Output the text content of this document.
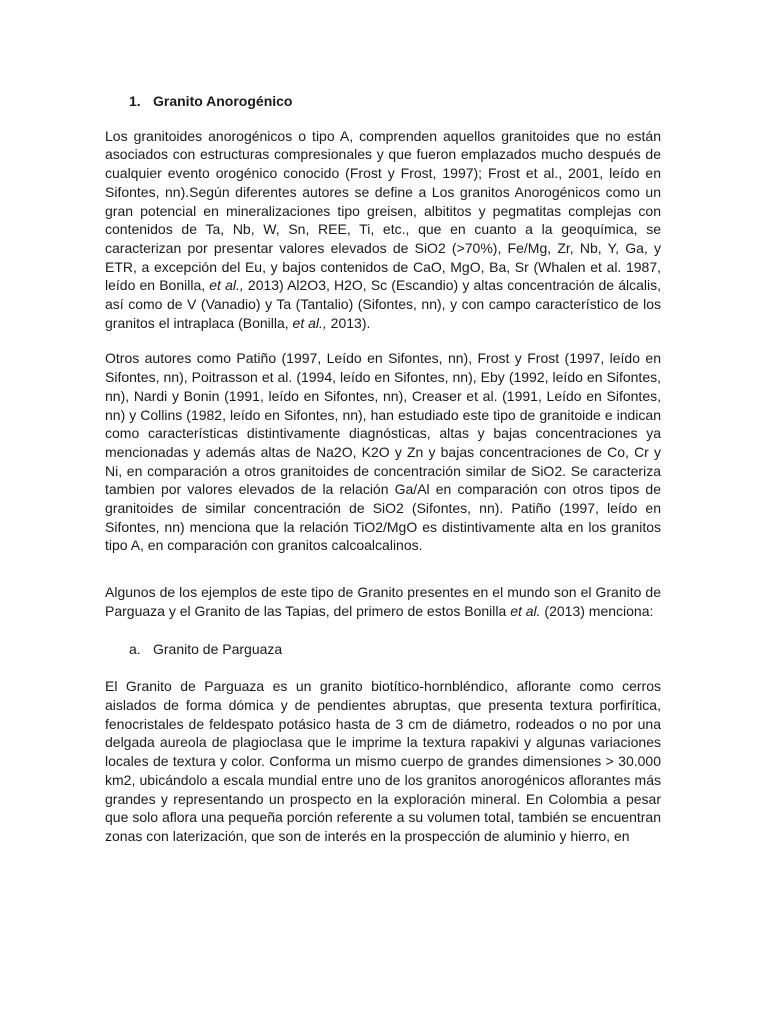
1. Granito Anorogénico

Los granitoides anorogénicos o tipo A, comprenden aquellos granitoides que no están asociados con estructuras compresionales y que fueron emplazados mucho después de cualquier evento orogénico conocido (Frost y Frost, 1997); Frost et al., 2001, leído en Sifontes, nn).Según diferentes autores se define a Los granitos Anorogénicos como un gran potencial en mineralizaciones tipo greisen, albititos y pegmatitas complejas con contenidos de Ta, Nb, W, Sn, REE, Ti, etc., que en cuanto a la geoquímica, se caracterizan por presentar valores elevados de SiO2 (>70%), Fe/Mg, Zr, Nb, Y, Ga, y ETR, a excepción del Eu, y bajos contenidos de CaO, MgO, Ba, Sr (Whalen et al. 1987, leído en Bonilla, et al., 2013) Al2O3, H2O, Sc (Escandio) y altas concentración de álcalis, así como de V (Vanadio) y Ta (Tantalio) (Sifontes, nn), y con campo característico de los granitos el intraplaca (Bonilla, et al., 2013).

Otros autores como Patiño (1997, Leído en Sifontes, nn), Frost y Frost (1997, leído en Sifontes, nn), Poitrasson et al. (1994, leído en Sifontes, nn), Eby (1992, leído en Sifontes, nn), Nardi y Bonin (1991, leído en Sifontes, nn), Creaser et al. (1991, Leído en Sifontes, nn) y Collins (1982, leído en Sifontes, nn), han estudiado este tipo de granitoide e indican como características distintivamente diagnósticas, altas y bajas concentraciones ya mencionadas y además altas de Na2O, K2O y Zn y bajas concentraciones de Co, Cr y Ni, en comparación a otros granitoides de concentración similar de SiO2. Se caracteriza tambien por valores elevados de la relación Ga/Al en comparación con otros tipos de granitoides de similar concentración de SiO2 (Sifontes, nn). Patiño (1997, leído en Sifontes, nn) menciona que la relación TiO2/MgO es distintivamente alta en los granitos tipo A, en comparación con granitos calcoalcalinos.

Algunos de los ejemplos de este tipo de Granito presentes en el mundo son el Granito de Parguaza y el Granito de las Tapias, del primero de estos Bonilla et al. (2013) menciona:

a. Granito de Parguaza

El Granito de Parguaza es un granito biotítico-hornbléndico, aflorante como cerros aislados de forma dómica y de pendientes abruptas, que presenta textura porfirítica, fenocristales de feldespato potásico hasta de 3 cm de diámetro, rodeados o no por una delgada aureola de plagioclasa que le imprime la textura rapakivi y algunas variaciones locales de textura y color. Conforma un mismo cuerpo de grandes dimensiones > 30.000 km2, ubicándolo a escala mundial entre uno de los granitos anorogénicos aflorantes más grandes y representando un prospecto en la exploración mineral. En Colombia a pesar que solo aflora una pequeña porción referente a su volumen total, también se encuentran zonas con laterización, que son de interés en la prospección de aluminio y hierro, en
